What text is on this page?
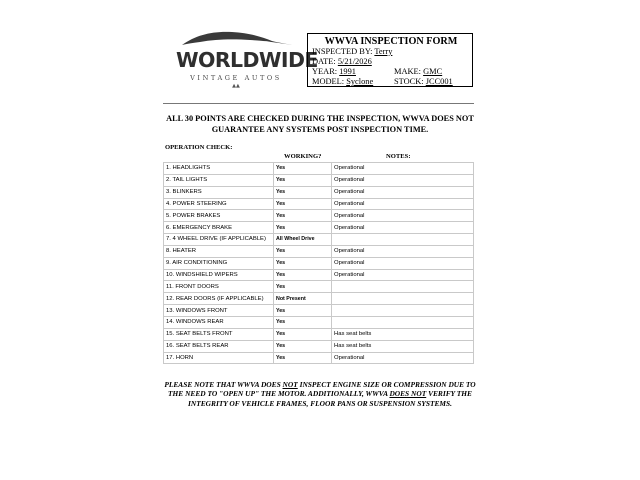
WORLDWIDE
VINTAGE AUTOS
▲▲
WWVA INSPECTION FORM
INSPECTED BY: Terry
DATE: 5/21/2026
YEAR: 1991	MAKE: GMC
MODEL: Syclone STOCK: JCC001
ALL 30 POINTS ARE CHECKED DURING THE INSPECTION, WWVA DOES NOT GUARANTEE ANY SYSTEMS POST INSPECTION TIME.
OPERATION CHECK:
WORKING?	NOTES:
1. HEADLIGHTS	Yes	Operational
2. TAIL LIGHTS	Yes	Operational
3. BLINKERS	Yes	Operational
4. POWER STEERING	Yes	Operational
5. POWER BRAKES	Yes	Operational
6. EMERGENCY BRAKE	Yes	Operational
7. 4 WHEEL DRIVE (IF APPLICABLE)	All Wheel Drive	
8. HEATER	Yes	Operational
9. AIR CONDITIONING	Yes	Operational
10. WINDSHIELD WIPERS	Yes	Operational
11. FRONT DOORS	Yes	
12. REAR DOORS (IF APPLICABLE)	Not Present	
13. WINDOWS FRONT	Yes	
14. WINDOWS REAR	Yes	
15. SEAT BELTS FRONT	Yes	Has seat belts
16. SEAT BELTS REAR	Yes	Has seat belts
17. HORN	Yes	Operational
PLEASE NOTE THAT WWVA DOES NOT INSPECT ENGINE SIZE OR COMPRESSION DUE TO THE NEED TO "OPEN UP" THE MOTOR. ADDITIONALLY, WWVA DOES NOT VERIFY THE INTEGRITY OF VEHICLE FRAMES, FLOOR PANS OR SUSPENSION SYSTEMS.
